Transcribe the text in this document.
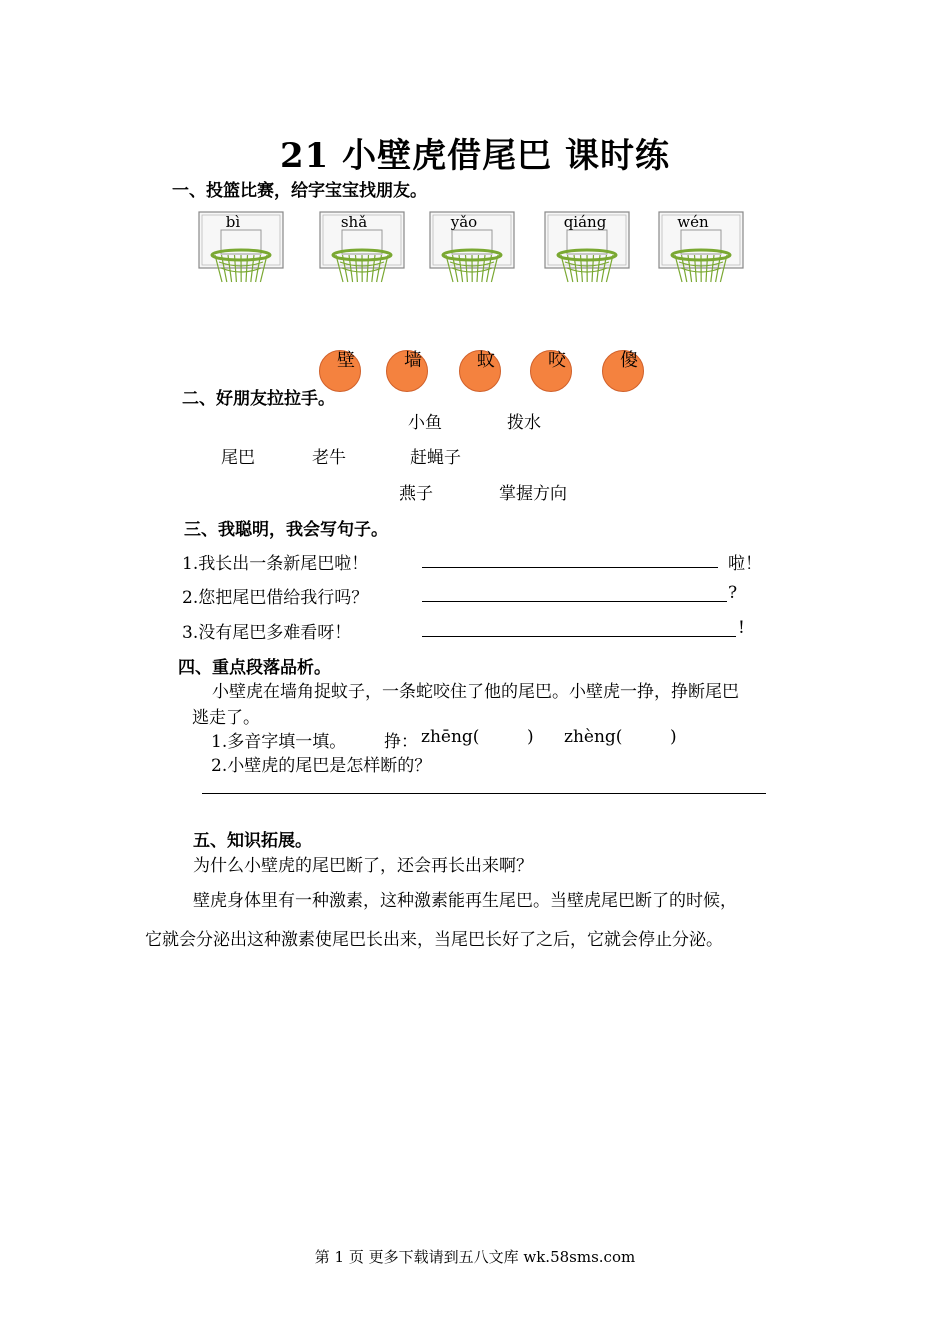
21 小壁虎借尾巴 课时练
一、投篮比赛，给字宝宝找朋友。
bì	shǎ	yǎo	qiáng	wén
壁	墙	蚊	咬	傻
二、好朋友拉拉手。
小鱼	拨水
尾巴	老牛	赶蝇子
燕子	掌握方向
三、我聪明，我会写句子。
1.我长出一条新尾巴啦！	啦！
2.您把尾巴借给我行吗？	?
3.没有尾巴多难看呀！	!
四、重点段落品析。
小壁虎在墙角捉蚊子，一条蛇咬住了他的尾巴。小壁虎一挣，挣断尾巴
逃走了。
1.多音字填一填。 挣： zhēng(	) zhèng(	)
2.小壁虎的尾巴是怎样断的？
五、知识拓展。
为什么小壁虎的尾巴断了，还会再长出来啊？
壁虎身体里有一种激素，这种激素能再生尾巴。当壁虎尾巴断了的时候，
它就会分泌出这种激素使尾巴长出来，当尾巴长好了之后，它就会停止分泌。
第 1 页 更多下载请到五八文库 wk.58sms.com
